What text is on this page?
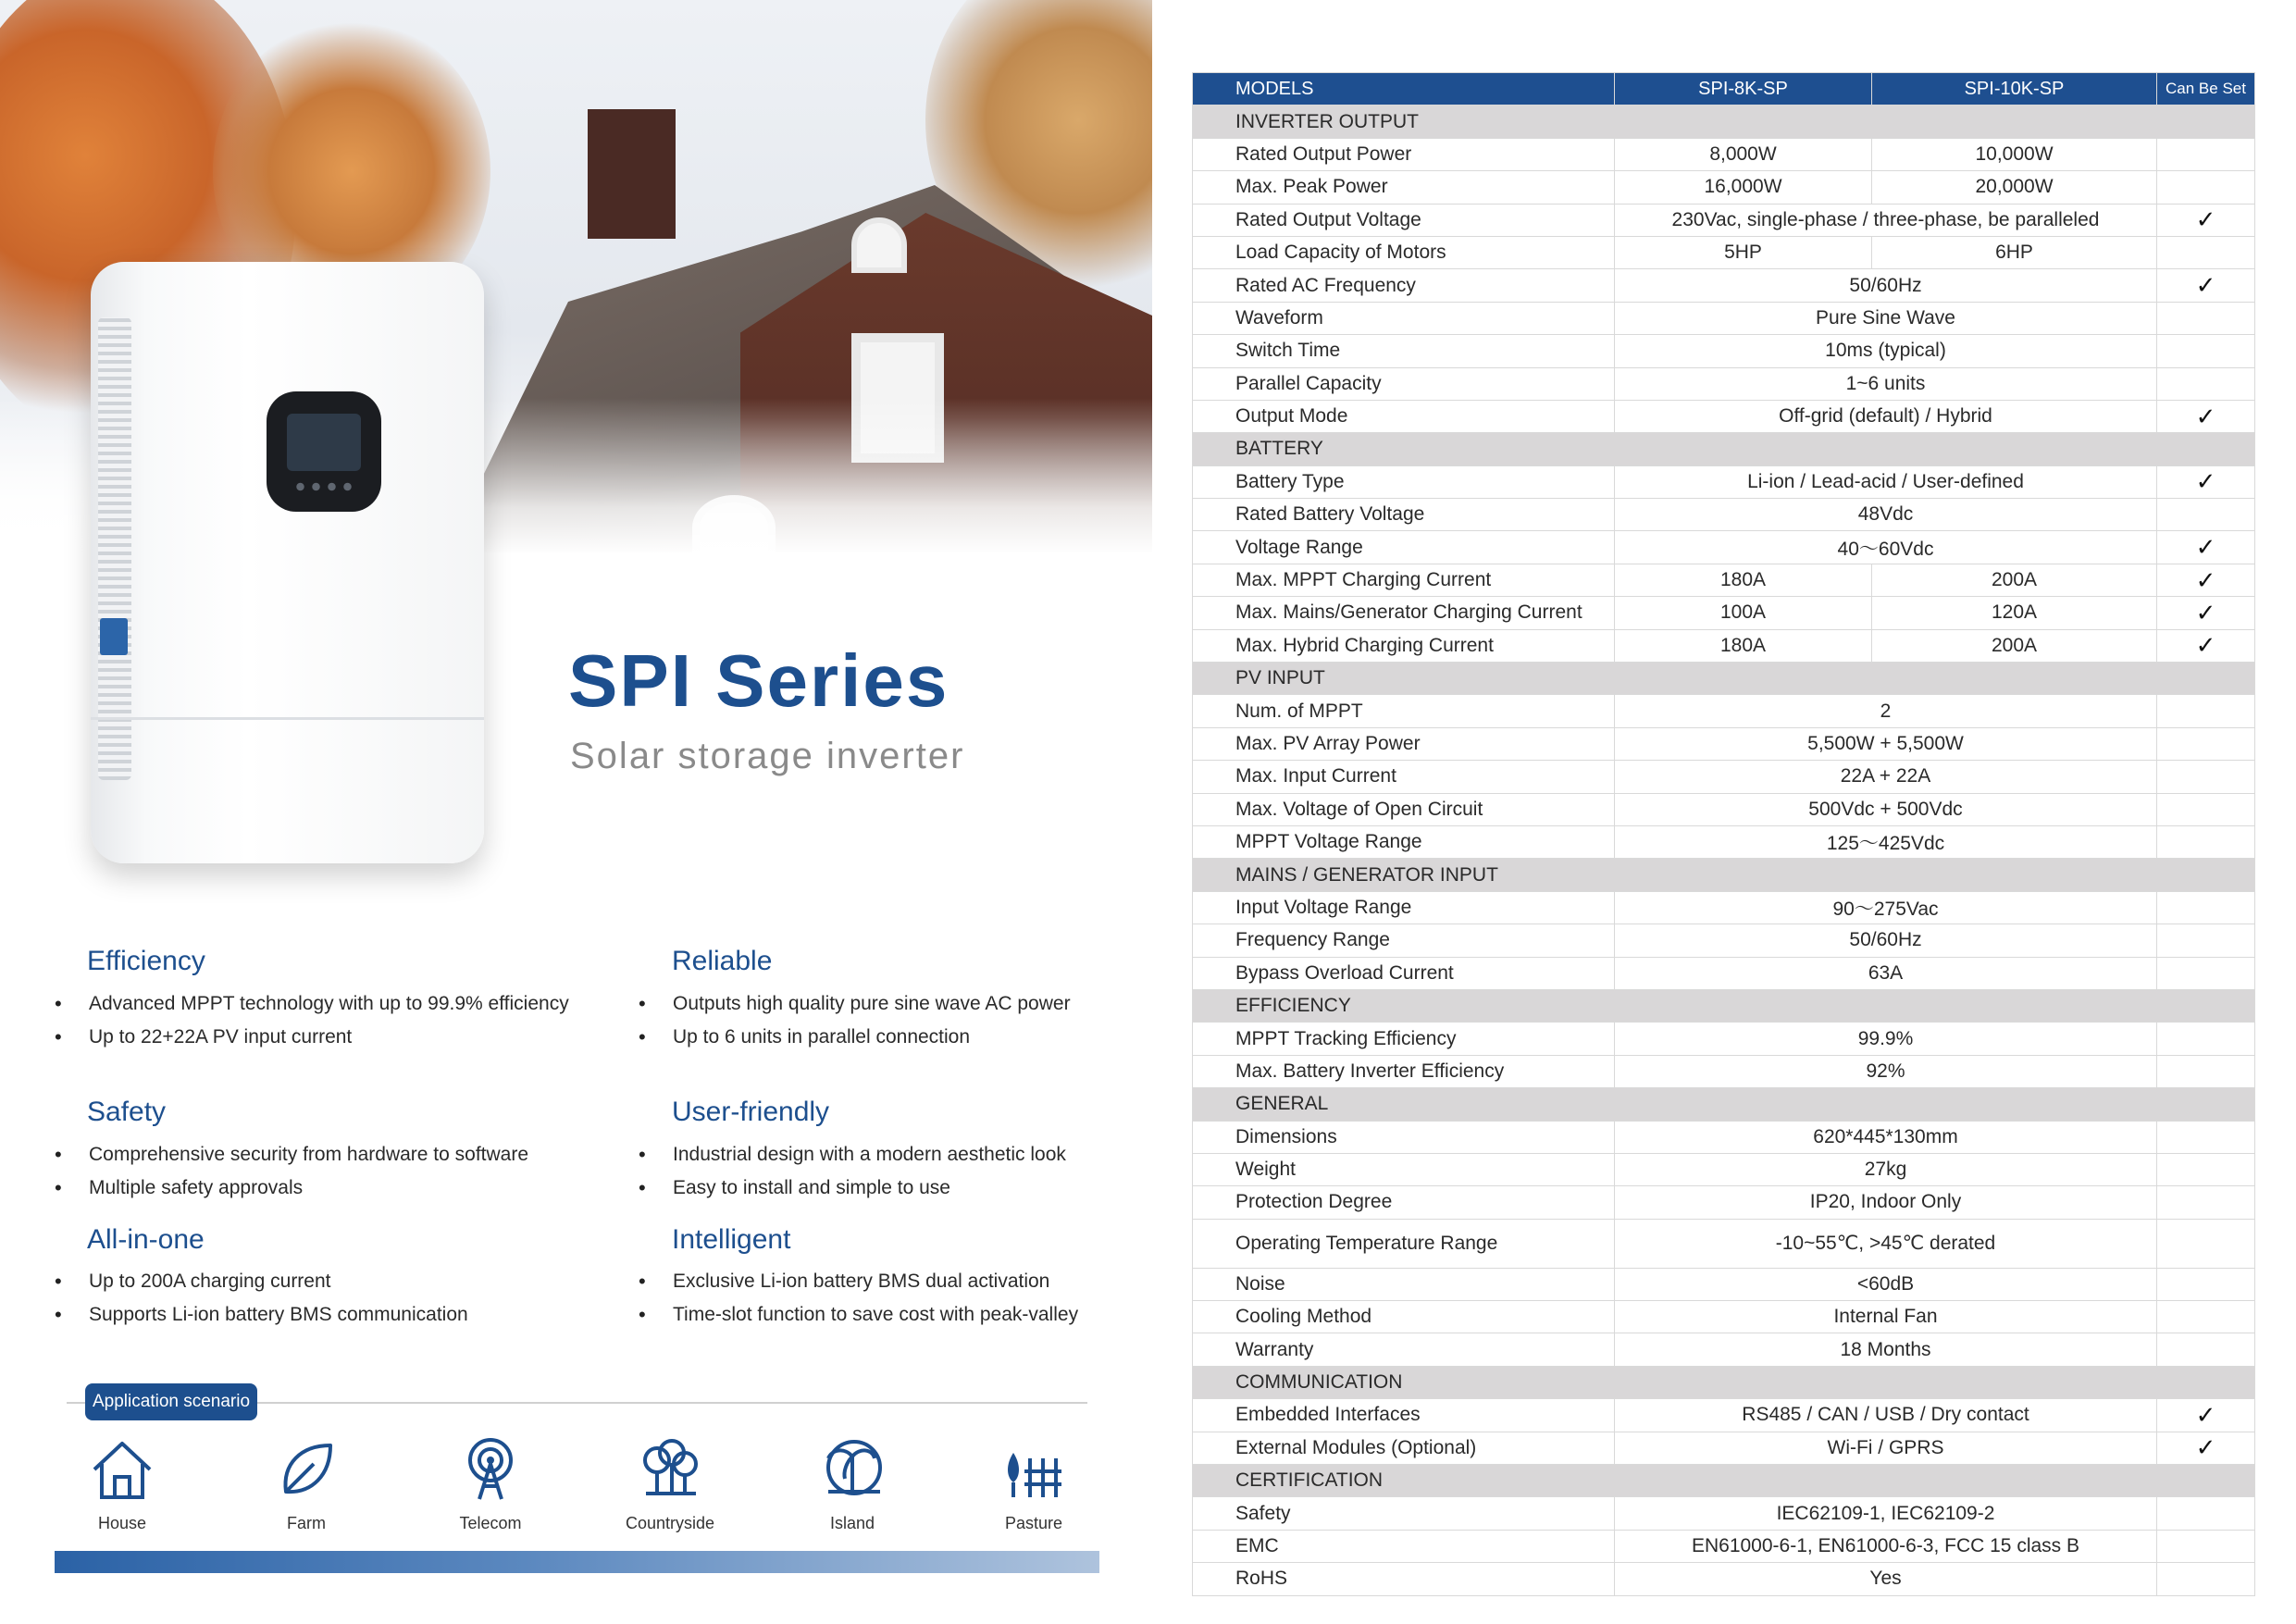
SPI Series
Solar storage inverter
Efficiency
• Advanced MPPT technology with up to 99.9% efficiency
• Up to 22+22A PV input current
Reliable
• Outputs high quality pure sine wave AC power
• Up to 6 units in parallel connection
Safety
• Comprehensive security from hardware to software
• Multiple safety approvals
User-friendly
• Industrial design with a modern aesthetic look
• Easy to install and simple to use
All-in-one
• Up to 200A charging current
• Supports Li-ion battery BMS communication
Intelligent
• Exclusive Li-ion battery BMS dual activation
• Time-slot function to save cost with peak-valley
Application scenario
House	Farm	Telecom	Countryside	Island	Pasture
MODELS	SPI-8K-SP	SPI-10K-SP	Can Be Set
INVERTER OUTPUT			
Rated Output Power	8,000W	10,000W	
Max. Peak Power	16,000W	20,000W	
Rated Output Voltage	230Vac, single-phase / three-phase, be paralleled		✓
Load Capacity of Motors	5HP	6HP	
Rated AC Frequency	50/60Hz		✓
Waveform	Pure Sine Wave		
Switch Time	10ms (typical)		
Parallel Capacity	1~6 units		
Output Mode	Off-grid (default) / Hybrid		✓
BATTERY			
Battery Type	Li-ion / Lead-acid / User-defined		✓
Rated Battery Voltage	48Vdc		
Voltage Range	40～60Vdc		✓
Max. MPPT Charging Current	180A	200A	✓
Max. Mains/Generator Charging Current	100A	120A	✓
Max. Hybrid Charging Current	180A	200A	✓
PV INPUT			
Num. of MPPT	2		
Max. PV Array Power	5,500W + 5,500W		
Max. Input Current	22A + 22A		
Max. Voltage of Open Circuit	500Vdc + 500Vdc		
MPPT Voltage Range	125～425Vdc		
MAINS / GENERATOR INPUT			
Input Voltage Range	90～275Vac		
Frequency Range	50/60Hz		
Bypass Overload Current	63A		
EFFICIENCY			
MPPT Tracking Efficiency	99.9%		
Max. Battery Inverter Efficiency	92%		
GENERAL			
Dimensions	620*445*130mm		
Weight	27kg		
Protection Degree	IP20, Indoor Only		
Operating Temperature Range	-10~55℃, >45℃ derated		
Noise	<60dB		
Cooling Method	Internal Fan		
Warranty	18 Months		
COMMUNICATION			
Embedded Interfaces	RS485 / CAN / USB / Dry contact		✓
External Modules (Optional)	Wi-Fi / GPRS		✓
CERTIFICATION			
Safety	IEC62109-1, IEC62109-2		
EMC	EN61000-6-1, EN61000-6-3, FCC 15 class B		
RoHS	Yes		
